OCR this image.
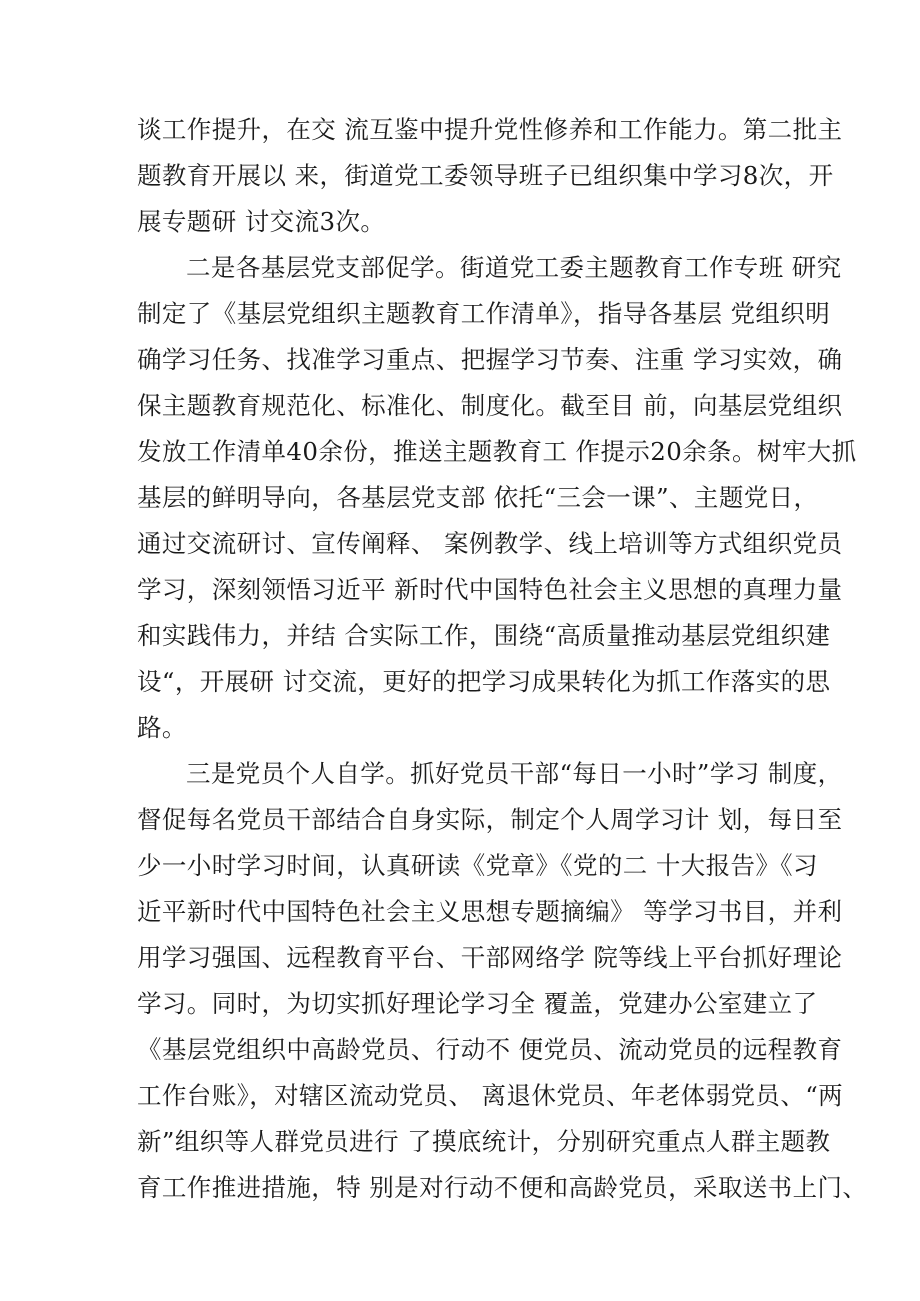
谈工作提升，在交 流互鉴中提升党性修养和工作能力。第二批主
题教育开展以 来，街道党工委领导班子已组织集中学习8次，开
展专题研 讨交流3次。
二是各基层党支部促学。街道党工委主题教育工作专班 研究
制定了《基层党组织主题教育工作清单》，指导各基层 党组织明
确学习任务、找准学习重点、把握学习节奏、注重 学习实效，确
保主题教育规范化、标准化、制度化。截至目 前，向基层党组织
发放工作清单40余份，推送主题教育工 作提示20余条。树牢大抓
基层的鲜明导向，各基层党支部 依托“三会一课”、主题党日，
通过交流研讨、宣传阐释、 案例教学、线上培训等方式组织党员
学习，深刻领悟习近平 新时代中国特色社会主义思想的真理力量
和实践伟力，并结 合实际工作，围绕“高质量推动基层党组织建
设“，开展研 讨交流，更好的把学习成果转化为抓工作落实的思
路。
三是党员个人自学。抓好党员干部“每日一小时”学习 制度，
督促每名党员干部结合自身实际，制定个人周学习计 划，每日至
少一小时学习时间，认真研读《党章》《党的二 十大报告》《习
近平新时代中国特色社会主义思想专题摘编》 等学习书目，并利
用学习强国、远程教育平台、干部网络学 院等线上平台抓好理论
学习。同时，为切实抓好理论学习全 覆盖，党建办公室建立了
《基层党组织中高龄党员、行动不 便党员、流动党员的远程教育
工作台账》，对辖区流动党员、 离退休党员、年老体弱党员、“两
新”组织等人群党员进行 了摸底统计，分别研究重点人群主题教
育工作推进措施，特 别是对行动不便和高龄党员，采取送书上门、
